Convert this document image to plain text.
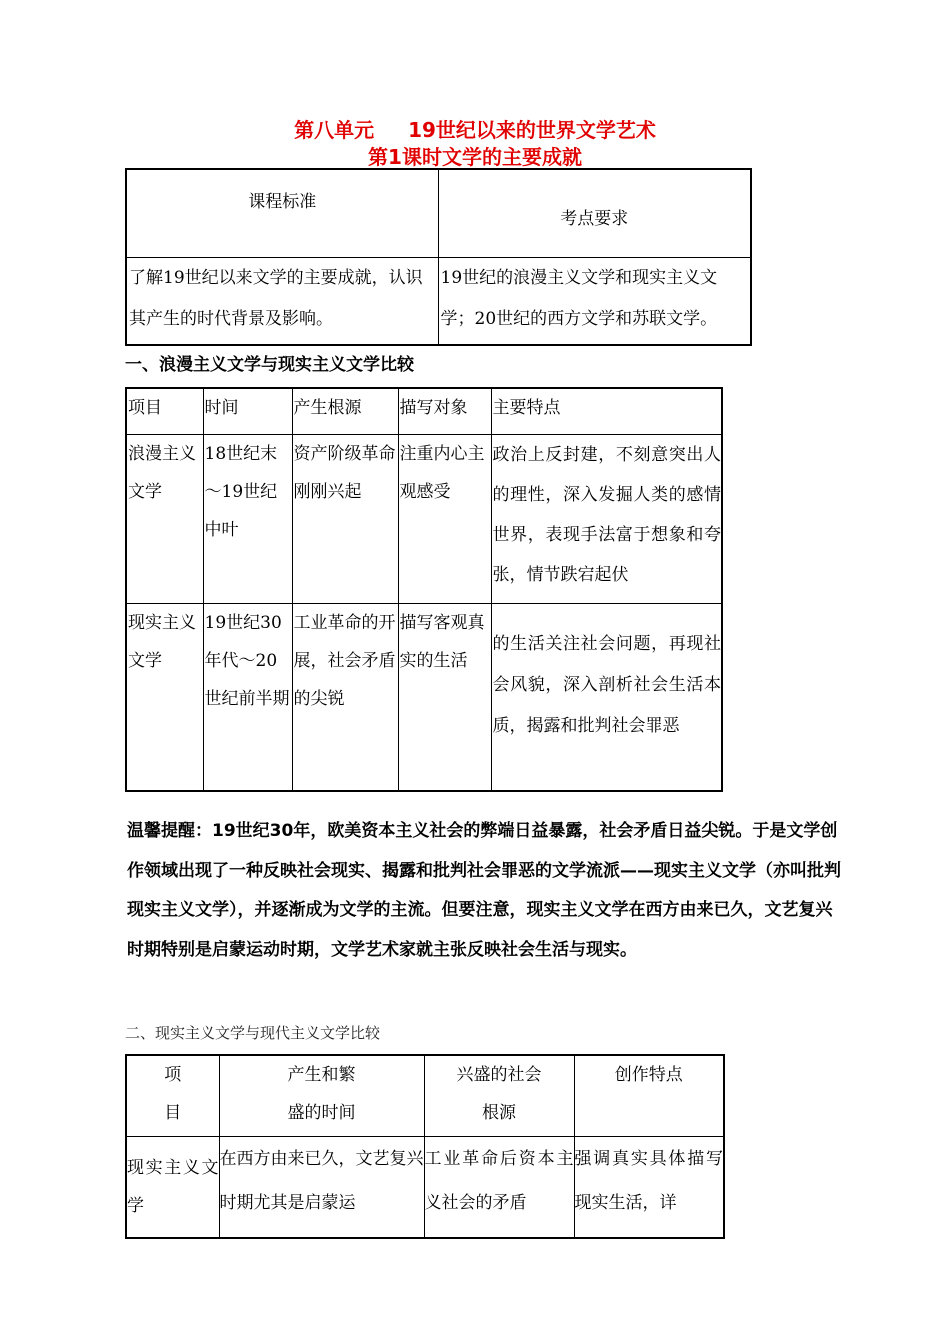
第八单元 19世纪以来的世界文学艺术
第1课时文学的主要成就
课程标准	考点要求
了解19世纪以来文学的主要成就，认识其产生的时代背景及影响。	19世纪的浪漫主义文学和现实主义文学；20世纪的西方文学和苏联文学。
一、浪漫主义文学与现实主义文学比较
项目	时间	产生根源	描写对象	主要特点
浪漫主义文学	18世纪末～19世纪中叶	资产阶级革命刚刚兴起	注重内心主观感受	政治上反封建，不刻意突出人的理性，深入发掘人类的感情世界，表现手法富于想象和夸张，情节跌宕起伏
现实主义文学	19世纪30年代～20世纪前半期	工业革命的开展，社会矛盾的尖锐	描写客观真实的生活	的生活关注社会问题，再现社会风貌，深入剖析社会生活本质，揭露和批判社会罪恶
温馨提醒：19世纪30年，欧美资本主义社会的弊端日益暴露，社会矛盾日益尖锐。于是文学创作领域出现了一种反映社会现实、揭露和批判社会罪恶的文学流派——现实主义文学（亦叫批判现实主义文学），并逐渐成为文学的主流。但要注意，现实主义文学在西方由来已久，文艺复兴时期特别是启蒙运动时期，文学艺术家就主张反映社会生活与现实。
二、现实主义文学与现代主义文学比较
项目	产生和繁盛的时间	兴盛的社会根源	创作特点
现实主义文学	在西方由来已久，文艺复兴时期尤其是启蒙运	工业革命后资本主义社会的矛盾	强调真实具体描写现实生活，详
